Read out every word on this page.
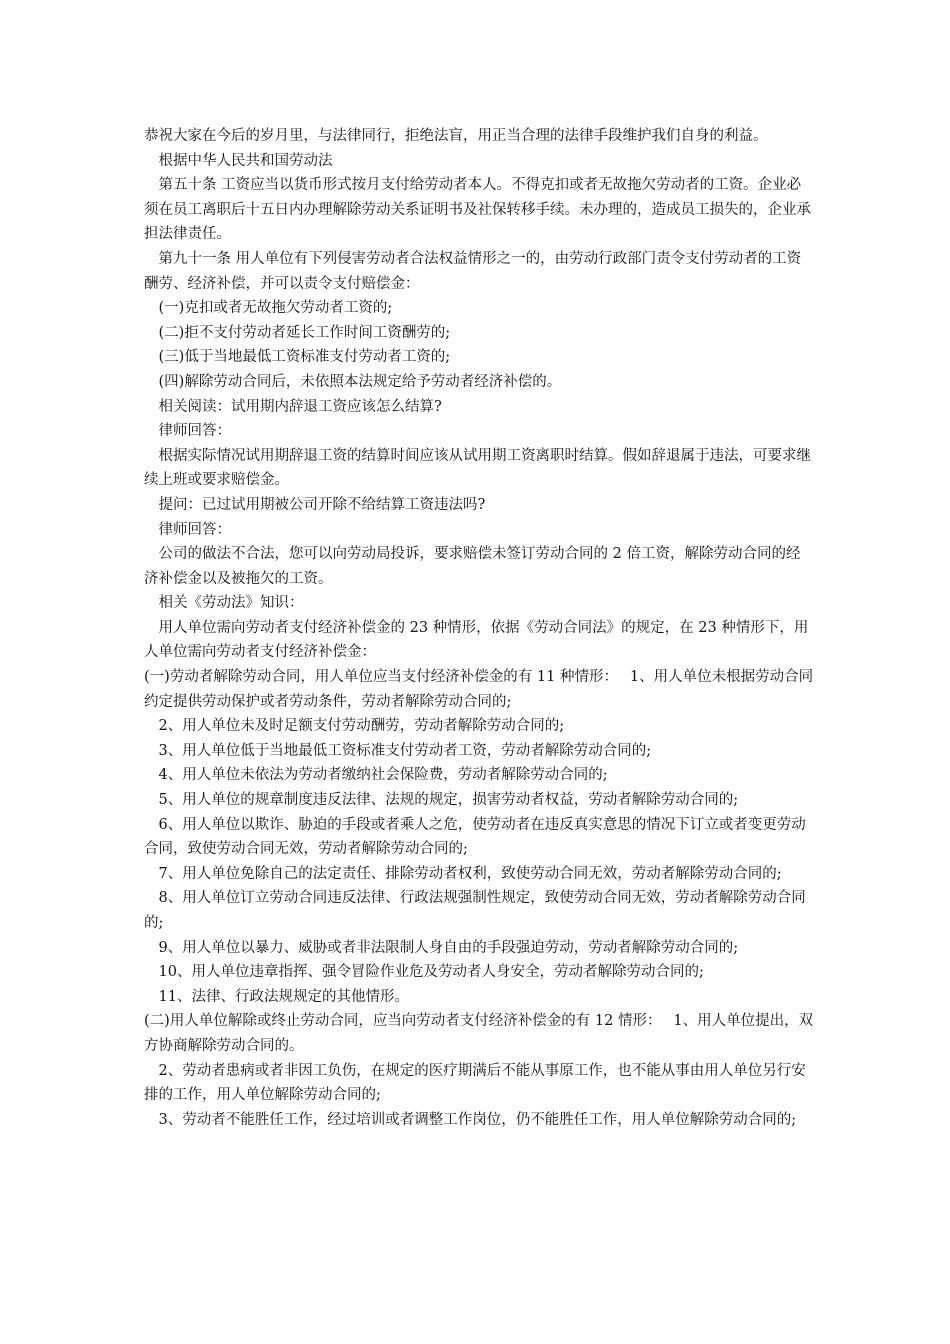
恭祝大家在今后的岁月里，与法律同行，拒绝法盲，用正当合理的法律手段维护我们自身的利益。

根据中华人民共和国劳动法

第五十条 工资应当以货币形式按月支付给劳动者本人。不得克扣或者无故拖欠劳动者的工资。企业必须在员工离职后十五日内办理解除劳动关系证明书及社保转移手续。未办理的，造成员工损失的，企业承担法律责任。

第九十一条 用人单位有下列侵害劳动者合法权益情形之一的，由劳动行政部门责令支付劳动者的工资酬劳、经济补偿，并可以责令支付赔偿金：

(一)克扣或者无故拖欠劳动者工资的;

(二)拒不支付劳动者延长工作时间工资酬劳的;

(三)低于当地最低工资标准支付劳动者工资的;

(四)解除劳动合同后，未依照本法规定给予劳动者经济补偿的。

相关阅读：试用期内辞退工资应该怎么结算?

律师回答：

根据实际情况试用期辞退工资的结算时间应该从试用期工资离职时结算。假如辞退属于违法，可要求继续上班或要求赔偿金。

提问：已过试用期被公司开除不给结算工资违法吗?

律师回答：

公司的做法不合法，您可以向劳动局投诉，要求赔偿未签订劳动合同的 2 倍工资，解除劳动合同的经济补偿金以及被拖欠的工资。

相关《劳动法》知识：

用人单位需向劳动者支付经济补偿金的 23 种情形，依据《劳动合同法》的规定，在 23 种情形下，用人单位需向劳动者支付经济补偿金：

(一)劳动者解除劳动合同，用人单位应当支付经济补偿金的有 11 种情形：　 1、用人单位未根据劳动合同约定提供劳动保护或者劳动条件，劳动者解除劳动合同的;

2、用人单位未及时足额支付劳动酬劳，劳动者解除劳动合同的;

3、用人单位低于当地最低工资标准支付劳动者工资，劳动者解除劳动合同的;

4、用人单位未依法为劳动者缴纳社会保险费，劳动者解除劳动合同的;

5、用人单位的规章制度违反法律、法规的规定，损害劳动者权益，劳动者解除劳动合同的;

6、用人单位以欺诈、胁迫的手段或者乘人之危，使劳动者在违反真实意思的情况下订立或者变更劳动合同，致使劳动合同无效，劳动者解除劳动合同的;

7、用人单位免除自己的法定责任、排除劳动者权利，致使劳动合同无效，劳动者解除劳动合同的;

8、用人单位订立劳动合同违反法律、行政法规强制性规定，致使劳动合同无效，劳动者解除劳动合同的;

9、用人单位以暴力、威胁或者非法限制人身自由的手段强迫劳动，劳动者解除劳动合同的;

10、用人单位违章指挥、强令冒险作业危及劳动者人身安全，劳动者解除劳动合同的;

11、法律、行政法规规定的其他情形。

(二)用人单位解除或终止劳动合同，应当向劳动者支付经济补偿金的有 12 情形：　 1、用人单位提出，双方协商解除劳动合同的。

2、劳动者患病或者非因工负伤，在规定的医疗期满后不能从事原工作，也不能从事由用人单位另行安排的工作，用人单位解除劳动合同的;

3、劳动者不能胜任工作，经过培训或者调整工作岗位，仍不能胜任工作，用人单位解除劳动合同的;
